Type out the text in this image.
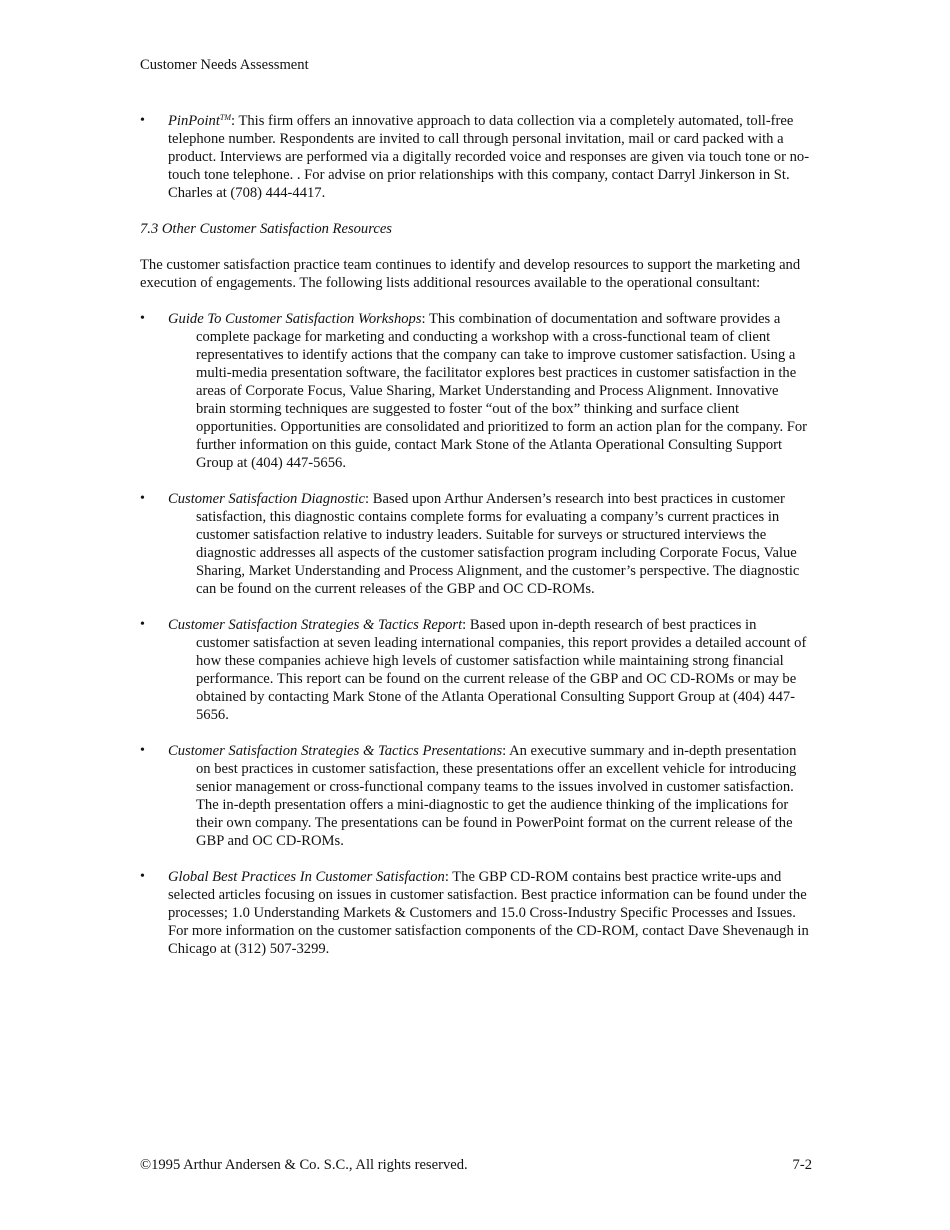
Customer Needs Assessment

•	PinPoint™: This firm offers an innovative approach to data collection via a completely automated, toll-free telephone number. Respondents are invited to call through personal invitation, mail or card packed with a product. Interviews are performed via a digitally recorded voice and responses are given via touch tone or no-touch tone telephone. . For advise on prior relationships with this company, contact Darryl Jinkerson in St. Charles at (708) 444-4417.

7.3 Other Customer Satisfaction Resources

The customer satisfaction practice team continues to identify and develop resources to support the marketing and execution of engagements. The following lists additional resources available to the operational consultant:

•	Guide To Customer Satisfaction Workshops: This combination of documentation and software provides a complete package for marketing and conducting a workshop with a cross-functional team of client representatives to identify actions that the company can take to improve customer satisfaction. Using a multi-media presentation software, the facilitator explores best practices in customer satisfaction in the areas of Corporate Focus, Value Sharing, Market Understanding and Process Alignment. Innovative brain storming techniques are suggested to foster “out of the box” thinking and surface client opportunities. Opportunities are consolidated and prioritized to form an action plan for the company. For further information on this guide, contact Mark Stone of the Atlanta Operational Consulting Support Group at (404) 447-5656.

•	Customer Satisfaction Diagnostic: Based upon Arthur Andersen’s research into best practices in customer satisfaction, this diagnostic contains complete forms for evaluating a company’s current practices in customer satisfaction relative to industry leaders. Suitable for surveys or structured interviews the diagnostic addresses all aspects of the customer satisfaction program including Corporate Focus, Value Sharing, Market Understanding and Process Alignment, and the customer’s perspective. The diagnostic can be found on the current releases of the GBP and OC CD-ROMs.

•	Customer Satisfaction Strategies & Tactics Report: Based upon in-depth research of best practices in customer satisfaction at seven leading international companies, this report provides a detailed account of how these companies achieve high levels of customer satisfaction while maintaining strong financial performance. This report can be found on the current release of the GBP and OC CD-ROMs or may be obtained by contacting Mark Stone of the Atlanta Operational Consulting Support Group at (404) 447-5656.

•	Customer Satisfaction Strategies & Tactics Presentations: An executive summary and in-depth presentation on best practices in customer satisfaction, these presentations offer an excellent vehicle for introducing senior management or cross-functional company teams to the issues involved in customer satisfaction. The in-depth presentation offers a mini-diagnostic to get the audience thinking of the implications for their own company. The presentations can be found in PowerPoint format on the current release of the GBP and OC CD-ROMs.

•	Global Best Practices In Customer Satisfaction: The GBP CD-ROM contains best practice write-ups and selected articles focusing on issues in customer satisfaction. Best practice information can be found under the processes; 1.0 Understanding Markets & Customers and 15.0 Cross-Industry Specific Processes and Issues. For more information on the customer satisfaction components of the CD-ROM, contact Dave Shevenaugh in Chicago at (312) 507-3299.

©1995 Arthur Andersen & Co. S.C., All rights reserved.	7-2
